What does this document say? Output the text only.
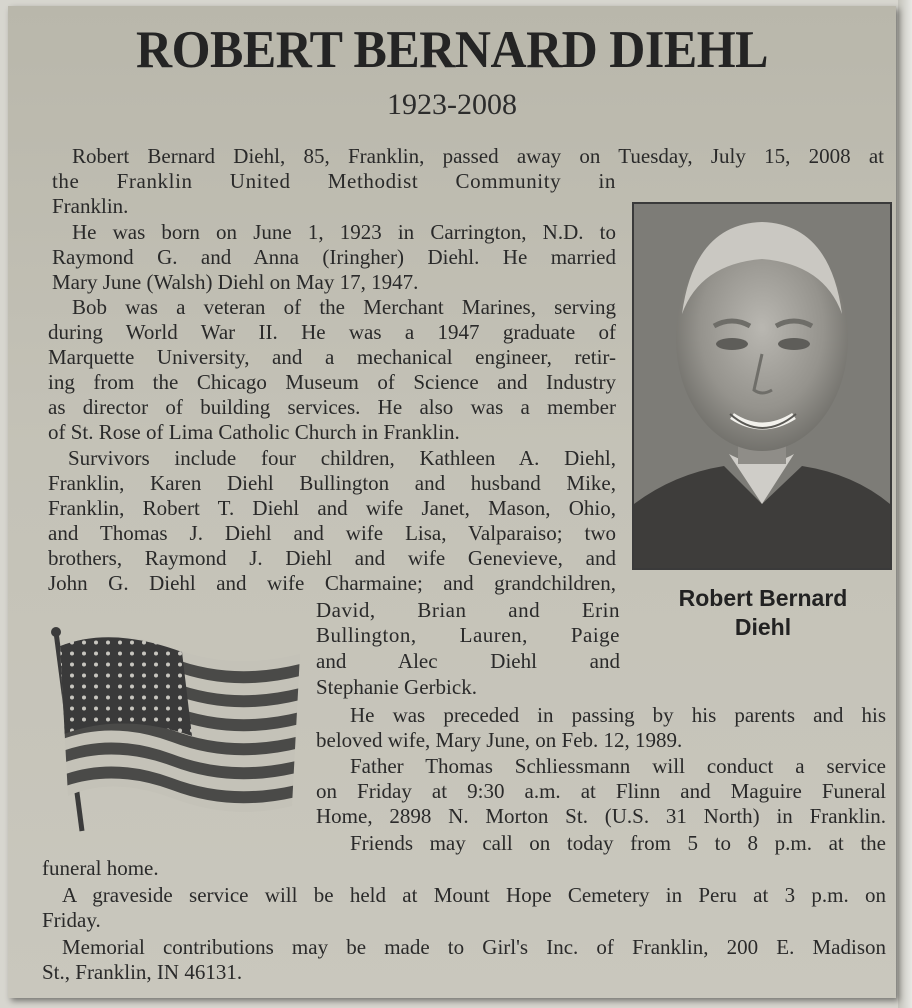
ROBERT BERNARD DIEHL
1923-2008
Robert Bernard Diehl, 85, Franklin, passed away on Tuesday, July 15, 2008 at
the Franklin United Methodist Community in
Franklin.
He was born on June 1, 1923 in Carrington, N.D. to
Raymond G. and Anna (Iringher) Diehl. He married
Mary June (Walsh) Diehl on May 17, 1947.
Bob was a veteran of the Merchant Marines, serving
during World War II. He was a 1947 graduate of
Marquette University, and a mechanical engineer, retir-
ing from the Chicago Museum of Science and Industry
as director of building services. He also was a member
of St. Rose of Lima Catholic Church in Franklin.
Survivors include four children, Kathleen A. Diehl,
Franklin, Karen Diehl Bullington and husband Mike,
Franklin, Robert T. Diehl and wife Janet, Mason, Ohio,
and Thomas J. Diehl and wife Lisa, Valparaiso; two
brothers, Raymond J. Diehl and wife Genevieve, and
John G. Diehl and wife Charmaine; and grandchildren,
David, Brian and Erin
Bullington, Lauren, Paige
and Alec Diehl and
Stephanie Gerbick.
He was preceded in passing by his parents and his
beloved wife, Mary June, on Feb. 12, 1989.
Father Thomas Schliessmann will conduct a service
on Friday at 9:30 a.m. at Flinn and Maguire Funeral
Home, 2898 N. Morton St. (U.S. 31 North) in Franklin.
Friends may call on today from 5 to 8 p.m. at the
funeral home.
A graveside service will be held at Mount Hope Cemetery in Peru at 3 p.m. on
Friday.
Memorial contributions may be made to Girl's Inc. of Franklin, 200 E. Madison
St., Franklin, IN 46131.
Robert Bernard
Diehl
